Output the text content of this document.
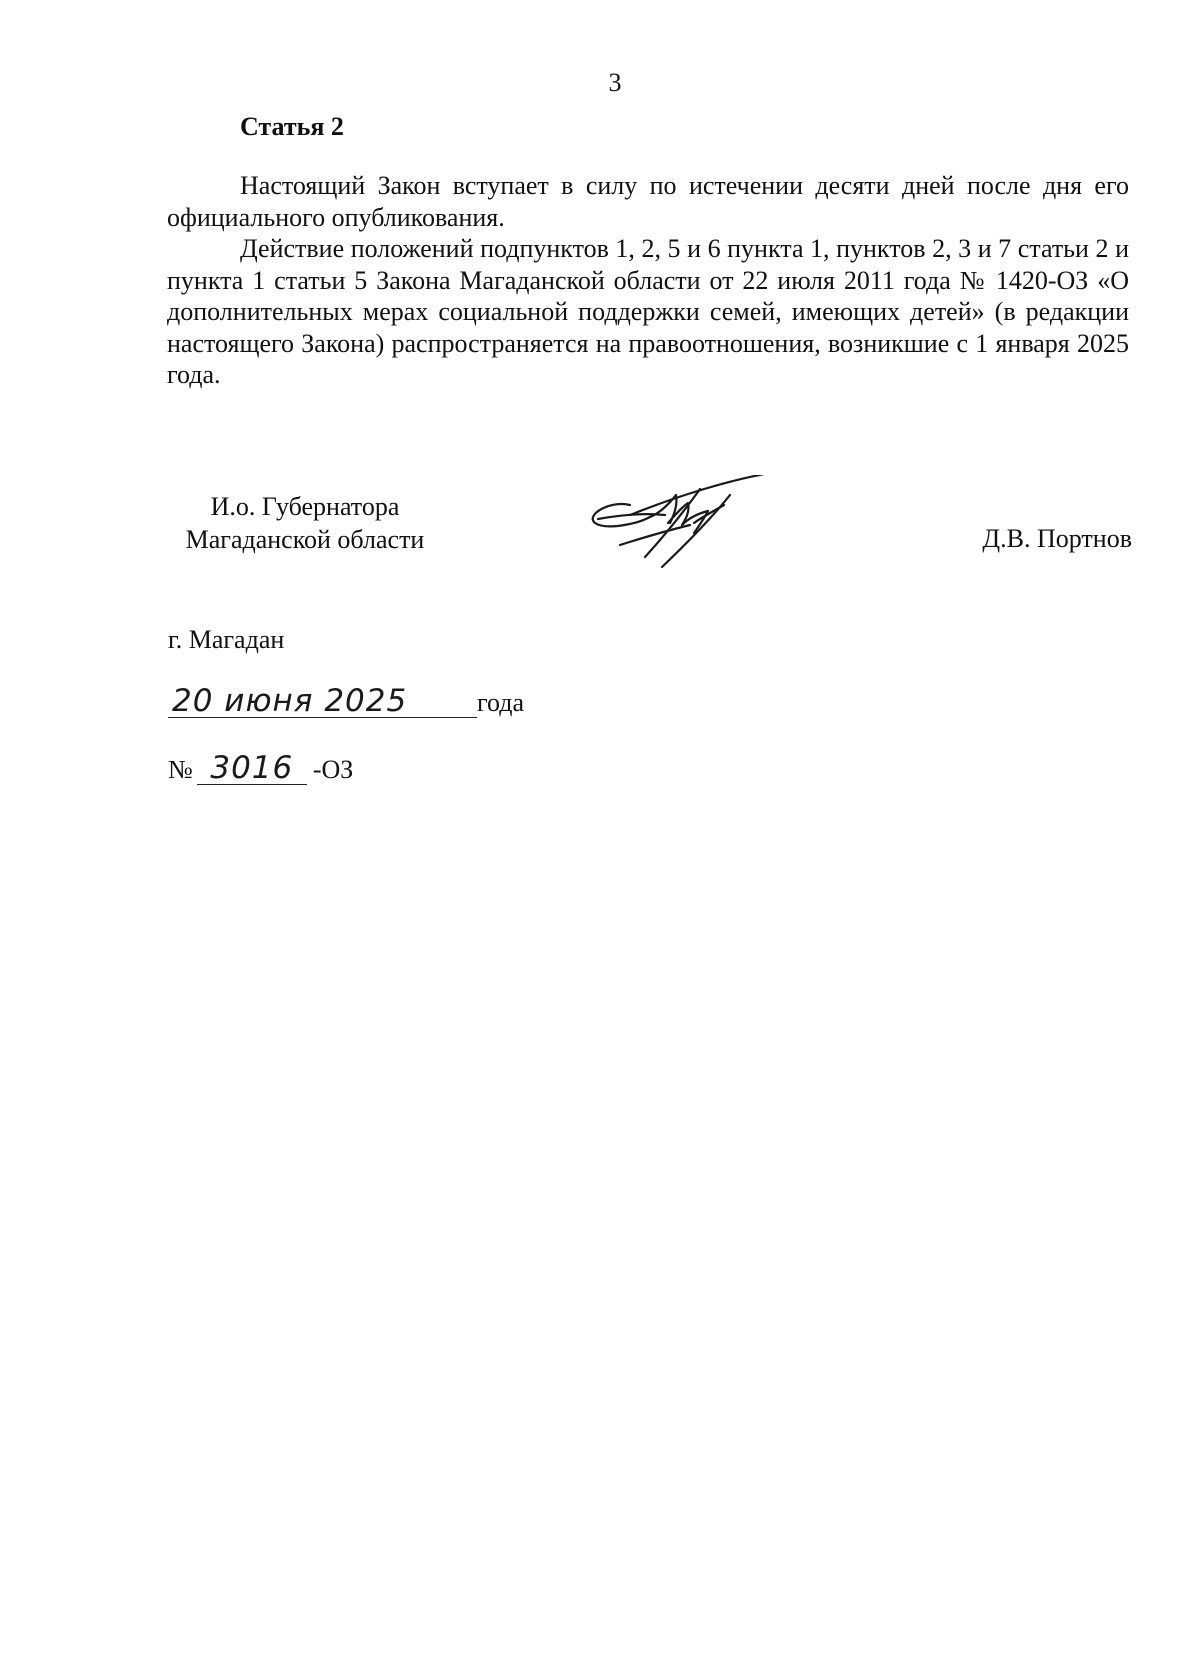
3
Статья 2

Настоящий Закон вступает в силу по истечении десяти дней после дня его официального опубликования.

Действие положений подпунктов 1, 2, 5 и 6 пункта 1, пунктов 2, 3 и 7 статьи 2 и пункта 1 статьи 5 Закона Магаданской области от 22 июля 2011 года № 1420-ОЗ «О дополнительных мерах социальной поддержки семей, имеющих детей» (в редакции настоящего Закона) распространяется на правоотношения, возникшие с 1 января 2025 года.

И.о. Губернатора
Магаданской области	Д.В. Портнов
г. Магадан
20 июня 2025	года
№ 3016 -ОЗ
